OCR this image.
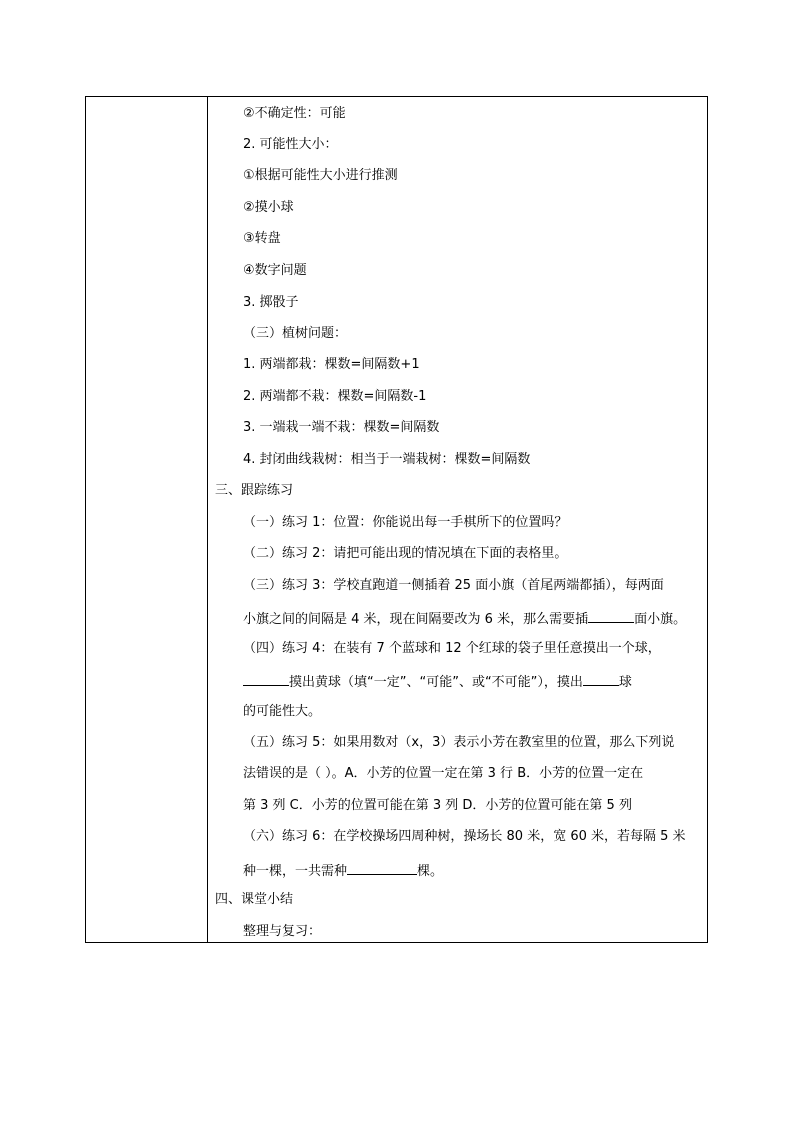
②不确定性：可能
2. 可能性大小：
①根据可能性大小进行推测
②摸小球
③转盘
④数字问题
3. 掷骰子
（三）植树问题：
1. 两端都栽：棵数=间隔数+1
2. 两端都不栽：棵数=间隔数-1
3. 一端栽一端不栽：棵数=间隔数
4. 封闭曲线栽树：相当于一端栽树：棵数=间隔数
三、跟踪练习
（一）练习 1：位置：你能说出每一手棋所下的位置吗？
（二）练习 2：请把可能出现的情况填在下面的表格里。
（三）练习 3：学校直跑道一侧插着 25 面小旗（首尾两端都插），每两面
小旗之间的间隔是 4 米，现在间隔要改为 6 米，那么需要插	面小旗。
（四）练习 4：在装有 7 个蓝球和 12 个红球的袋子里任意摸出一个球，
摸出黄球（填“一定”、“可能”、或“不可能”），摸出	球
的可能性大。
（五）练习 5：如果用数对（x，3）表示小芳在教室里的位置，那么下列说
法错误的是（ ）。A．小芳的位置一定在第 3 行 B．小芳的位置一定在
第 3 列 C．小芳的位置可能在第 3 列 D．小芳的位置可能在第 5 列
（六）练习 6：在学校操场四周种树，操场长 80 米，宽 60 米，若每隔 5 米
种一棵，一共需种	棵。
四、课堂小结
整理与复习：
